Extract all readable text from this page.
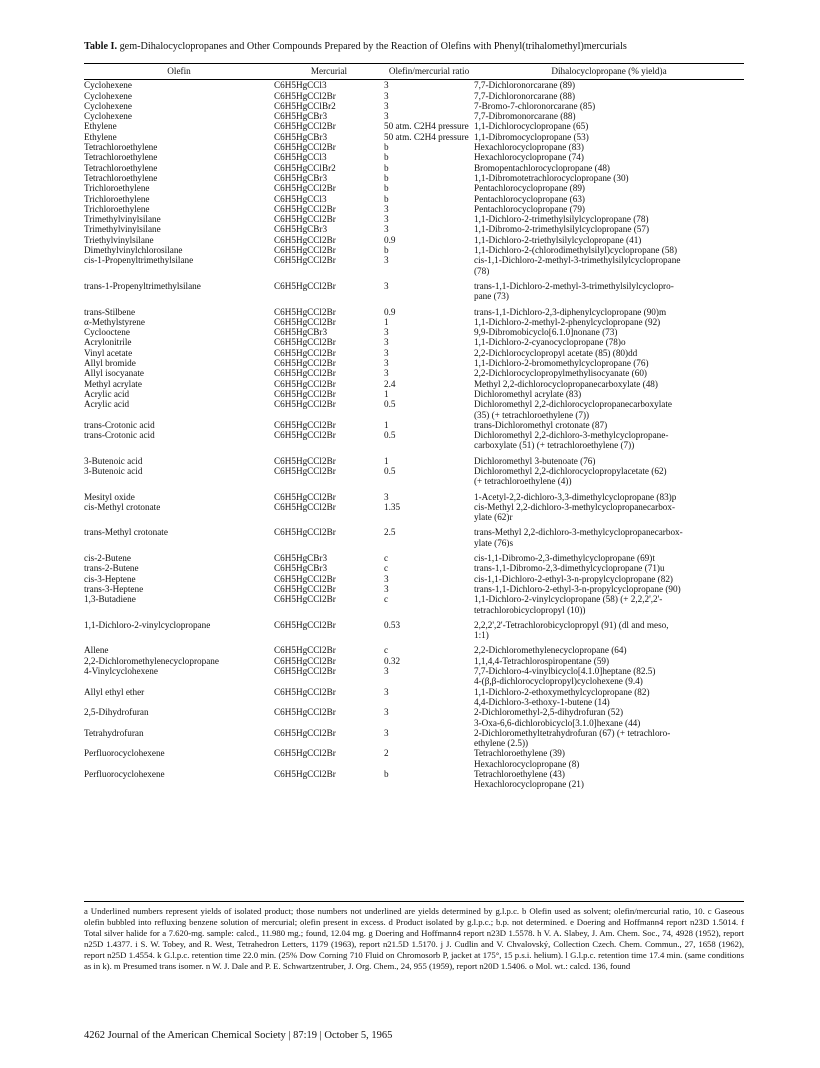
Table I. gem-Dihalocyclopropanes and Other Compounds Prepared by the Reaction of Olefins with Phenyl(trihalomethyl)mercurials
Olefin	Mercurial	Olefin/mercurial ratio	Dihalocyclopropane (% yield)a
Cyclohexene	C6H5HgCCl3	3	7,7-Dichloronorcarane (89)

Cyclohexene	C6H5HgCCl2Br	3	7,7-Dichloronorcarane (88)

Cyclohexene	C6H5HgCClBr2	3	7-Bromo-7-chloronorcarane (85)

Cyclohexene	C6H5HgCBr3	3	7,7-Dibromonorcarane (88)

Ethylene	C6H5HgCCl2Br	50 atm. C2H4 pressure	1,1-Dichlorocyclopropane (65)

Ethylene	C6H5HgCBr3	50 atm. C2H4 pressure	1,1-Dibromocyclopropane (53)

Tetrachloroethylene	C6H5HgCCl2Br	b	Hexachlorocyclopropane (83)

Tetrachloroethylene	C6H5HgCCl3	b	Hexachlorocyclopropane (74)

Tetrachloroethylene	C6H5HgCClBr2	b	Bromopentachlorocyclopropane (48)

Tetrachloroethylene	C6H5HgCBr3	b	1,1-Dibromotetrachlorocyclopropane (30)

Trichloroethylene	C6H5HgCCl2Br	b	Pentachlorocyclopropane (89)

Trichloroethylene	C6H5HgCCl3	b	Pentachlorocyclopropane (63)

Trichloroethylene	C6H5HgCCl2Br	3	Pentachlorocyclopropane (79)

Trimethylvinylsilane	C6H5HgCCl2Br	3	1,1-Dichloro-2-trimethylsilylcyclopropane (78)

Trimethylvinylsilane	C6H5HgCBr3	3	1,1-Dibromo-2-trimethylsilylcyclopropane (57)

Triethylvinylsilane	C6H5HgCCl2Br	0.9	1,1-Dichloro-2-triethylsilylcyclopropane (41)

Dimethylvinylchlorosilane	C6H5HgCCl2Br	b	1,1-Dichloro-2-(chlorodimethylsilyl)cyclopropane (58)

cis-1-Propenyltrimethylsilane	C6H5HgCCl2Br	3	cis-1,1-Dichloro-2-methyl-3-trimethylsilylcyclopropane
(78)

trans-1-Propenyltrimethylsilane	C6H5HgCCl2Br	3	trans-1,1-Dichloro-2-methyl-3-trimethylsilylcyclopro-
pane (73)

trans-Stilbene	C6H5HgCCl2Br	0.9	trans-1,1-Dichloro-2,3-diphenylcyclopropane (90)m

α-Methylstyrene	C6H5HgCCl2Br	1	1,1-Dichloro-2-methyl-2-phenylcyclopropane (92)

Cyclooctene	C6H5HgCBr3	3	9,9-Dibromobicyclo[6.1.0]nonane (73)

Acrylonitrile	C6H5HgCCl2Br	3	1,1-Dichloro-2-cyanocyclopropane (78)o

Vinyl acetate	C6H5HgCCl2Br	3	2,2-Dichlorocyclopropyl acetate (85) (80)dd

Allyl bromide	C6H5HgCCl2Br	3	1,1-Dichloro-2-bromomethylcyclopropane (76)

Allyl isocyanate	C6H5HgCCl2Br	3	2,2-Dichlorocyclopropylmethylisocyanate (60)

Methyl acrylate	C6H5HgCCl2Br	2.4	Methyl 2,2-dichlorocyclopropanecarboxylate (48)

Acrylic acid	C6H5HgCCl2Br	1	Dichloromethyl acrylate (83)

Acrylic acid	C6H5HgCCl2Br	0.5	Dichloromethyl 2,2-dichlorocyclopropanecarboxylate
(35) (+ tetrachloroethylene (7))

trans-Crotonic acid	C6H5HgCCl2Br	1	trans-Dichloromethyl crotonate (87)

trans-Crotonic acid	C6H5HgCCl2Br	0.5	Dichloromethyl 2,2-dichloro-3-methylcyclopropane-
carboxylate (51) (+ tetrachloroethylene (7))

3-Butenoic acid	C6H5HgCCl2Br	1	Dichloromethyl 3-butenoate (76)

3-Butenoic acid	C6H5HgCCl2Br	0.5	Dichloromethyl 2,2-dichlorocyclopropylacetate (62)
(+ tetrachloroethylene (4))

Mesityl oxide	C6H5HgCCl2Br	3	1-Acetyl-2,2-dichloro-3,3-dimethylcyclopropane (83)p

cis-Methyl crotonate	C6H5HgCCl2Br	1.35	cis-Methyl 2,2-dichloro-3-methylcyclopropanecarbox-
ylate (62)r

trans-Methyl crotonate	C6H5HgCCl2Br	2.5	trans-Methyl 2,2-dichloro-3-methylcyclopropanecarbox-
ylate (76)s

cis-2-Butene	C6H5HgCBr3	c	cis-1,1-Dibromo-2,3-dimethylcyclopropane (69)t

trans-2-Butene	C6H5HgCBr3	c	trans-1,1-Dibromo-2,3-dimethylcyclopropane (71)u

cis-3-Heptene	C6H5HgCCl2Br	3	cis-1,1-Dichloro-2-ethyl-3-n-propylcyclopropane (82)

trans-3-Heptene	C6H5HgCCl2Br	3	trans-1,1-Dichloro-2-ethyl-3-n-propylcyclopropane (90)

1,3-Butadiene	C6H5HgCCl2Br	c	1,1-Dichloro-2-vinylcyclopropane (58) (+ 2,2,2',2'-
tetrachlorobicyclopropyl (10))

1,1-Dichloro-2-vinylcyclopropane	C6H5HgCCl2Br	0.53	2,2,2',2'-Tetrachlorobicyclopropyl (91) (dl and meso,
1:1)

Allene	C6H5HgCCl2Br	c	2,2-Dichloromethylenecyclopropane (64)

2,2-Dichloromethylenecyclopropane	C6H5HgCCl2Br	0.32	1,1,4,4-Tetrachlorospiropentane (59)

4-Vinylcyclohexene	C6H5HgCCl2Br	3	7,7-Dichloro-4-vinylbicyclo[4.1.0]heptane (82.5)
4-(β,β-dichlorocyclopropyl)cyclohexene (9.4)

Allyl ethyl ether	C6H5HgCCl2Br	3	1,1-Dichloro-2-ethoxymethylcyclopropane (82)
4,4-Dichloro-3-ethoxy-1-butene (14)

2,5-Dihydrofuran	C6H5HgCCl2Br	3	2-Dichloromethyl-2,5-dihydrofuran (52)
3-Oxa-6,6-dichlorobicyclo[3.1.0]hexane (44)

Tetrahydrofuran	C6H5HgCCl2Br	3	2-Dichloromethyltetrahydrofuran (67) (+ tetrachloro-
ethylene (2.5))

Perfluorocyclohexene	C6H5HgCCl2Br	2	Tetrachloroethylene (39)
Hexachlorocyclopropane (8)

Perfluorocyclohexene	C6H5HgCCl2Br	b	Tetrachloroethylene (43)
Hexachlorocyclopropane (21)
a Underlined numbers represent yields of isolated product; those numbers not underlined are yields determined by g.l.p.c. b Olefin used as solvent; olefin/mercurial ratio, 10. c Gaseous olefin bubbled into refluxing benzene solution of mercurial; olefin present in excess. d Product isolated by g.l.p.c.; b.p. not determined. e Doering and Hoffmann4 report n23D 1.5014. f Total silver halide for a 7.620-mg. sample: calcd., 11.980 mg.; found, 12.04 mg. g Doering and Hoffmann4 report n23D 1.5578. h V. A. Slabey, J. Am. Chem. Soc., 74, 4928 (1952), report n25D 1.4377. i S. W. Tobey, and R. West, Tetrahedron Letters, 1179 (1963), report n21.5D 1.5170. j J. Cudlin and V. Chvalovský, Collection Czech. Chem. Commun., 27, 1658 (1962), report n25D 1.4554. k G.l.p.c. retention time 22.0 min. (25% Dow Corning 710 Fluid on Chromosorb P, jacket at 175°, 15 p.s.i. helium). l G.l.p.c. retention time 17.4 min. (same conditions as in k). m Presumed trans isomer. n W. J. Dale and P. E. Schwartzentruber, J. Org. Chem., 24, 955 (1959), report n20D 1.5406. o Mol. wt.: calcd. 136, found
4262 Journal of the American Chemical Society | 87:19 | October 5, 1965
